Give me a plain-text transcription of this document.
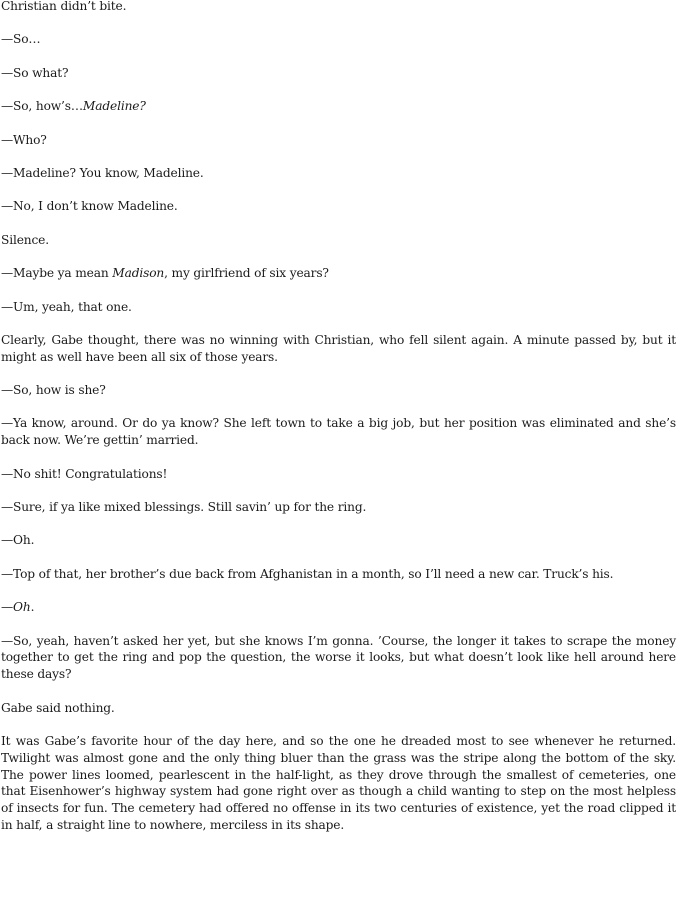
Christian didn’t bite.

—So…

—So what?

—So, how’s…Madeline?

—Who?

—Madeline? You know, Madeline.

—No, I don’t know Madeline.

Silence.

—Maybe ya mean Madison, my girlfriend of six years?

—Um, yeah, that one.

Clearly, Gabe thought, there was no winning with Christian, who fell silent again. A minute passed by, but it might as well have been all six of those years.

—So, how is she?

—Ya know, around. Or do ya know? She left town to take a big job, but her position was eliminated and she’s back now. We’re gettin’ married.

—No shit! Congratulations!

—Sure, if ya like mixed blessings. Still savin’ up for the ring.

—Oh.

—Top of that, her brother’s due back from Afghanistan in a month, so I’ll need a new car. Truck’s his.

—Oh.

—So, yeah, haven’t asked her yet, but she knows I’m gonna. ’Course, the longer it takes to scrape the money together to get the ring and pop the question, the worse it looks, but what doesn’t look like hell around here these days?

Gabe said nothing.

It was Gabe’s favorite hour of the day here, and so the one he dreaded most to see whenever he returned. Twilight was almost gone and the only thing bluer than the grass was the stripe along the bottom of the sky. The power lines loomed, pearlescent in the half-light, as they drove through the smallest of cemeteries, one that Eisenhower’s highway system had gone right over as though a child wanting to step on the most helpless of insects for fun. The cemetery had offered no offense in its two centuries of existence, yet the road clipped it in half, a straight line to nowhere, merciless in its shape.
